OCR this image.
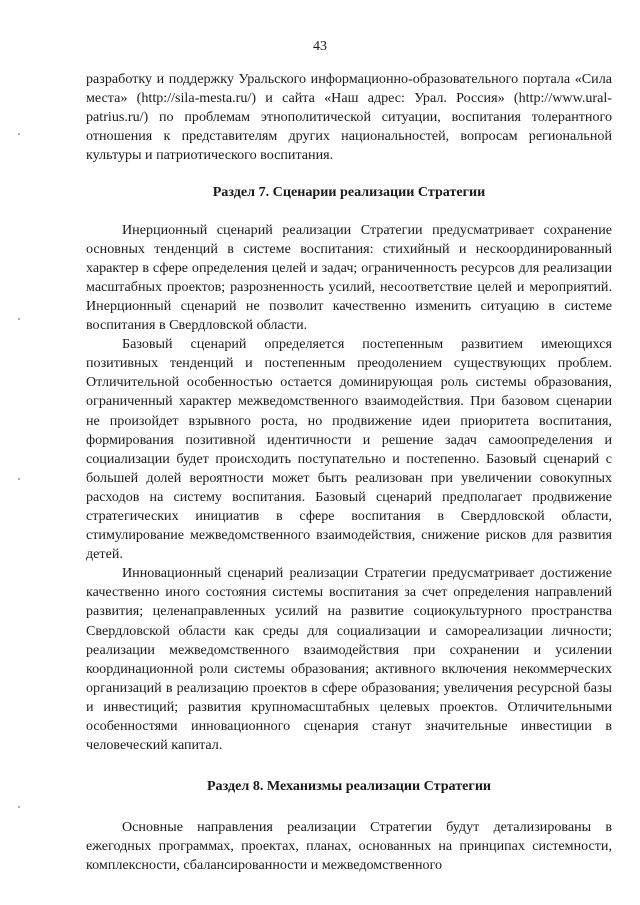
43

разработку и поддержку Уральского информационно-образовательного портала «Сила места» (http://sila-mesta.ru/) и сайта «Наш адрес: Урал. Россия» (http://www.ural-patrius.ru/) по проблемам этнополитической ситуации, воспитания толерантного отношения к представителям других национальностей, вопросам региональной культуры и патриотического воспитания.

Раздел 7. Сценарии реализации Стратегии

Инерционный сценарий реализации Стратегии предусматривает сохранение основных тенденций в системе воспитания: стихийный и нескоординированный характер в сфере определения целей и задач; ограниченность ресурсов для реализации масштабных проектов; разрозненность усилий, несоответствие целей и мероприятий. Инерционный сценарий не позволит качественно изменить ситуацию в системе воспитания в Свердловской области.

Базовый сценарий определяется постепенным развитием имеющихся позитивных тенденций и постепенным преодолением существующих проблем. Отличительной особенностью остается доминирующая роль системы образования, ограниченный характер межведомственного взаимодействия. При базовом сценарии не произойдет взрывного роста, но продвижение идеи приоритета воспитания, формирования позитивной идентичности и решение задач самоопределения и социализации будет происходить поступательно и постепенно. Базовый сценарий с большей долей вероятности может быть реализован при увеличении совокупных расходов на систему воспитания. Базовый сценарий предполагает продвижение стратегических инициатив в сфере воспитания в Свердловской области, стимулирование межведомственного взаимодействия, снижение рисков для развития детей.

Инновационный сценарий реализации Стратегии предусматривает достижение качественно иного состояния системы воспитания за счет определения направлений развития; целенаправленных усилий на развитие социокультурного пространства Свердловской области как среды для социализации и самореализации личности; реализации межведомственного взаимодействия при сохранении и усилении координационной роли системы образования; активного включения некоммерческих организаций в реализацию проектов в сфере образования; увеличения ресурсной базы и инвестиций; развития крупномасштабных целевых проектов. Отличительными особенностями инновационного сценария станут значительные инвестиции в человеческий капитал.

Раздел 8. Механизмы реализации Стратегии

Основные направления реализации Стратегии будут детализированы в ежегодных программах, проектах, планах, основанных на принципах системности, комплексности, сбалансированности и межведомственного
